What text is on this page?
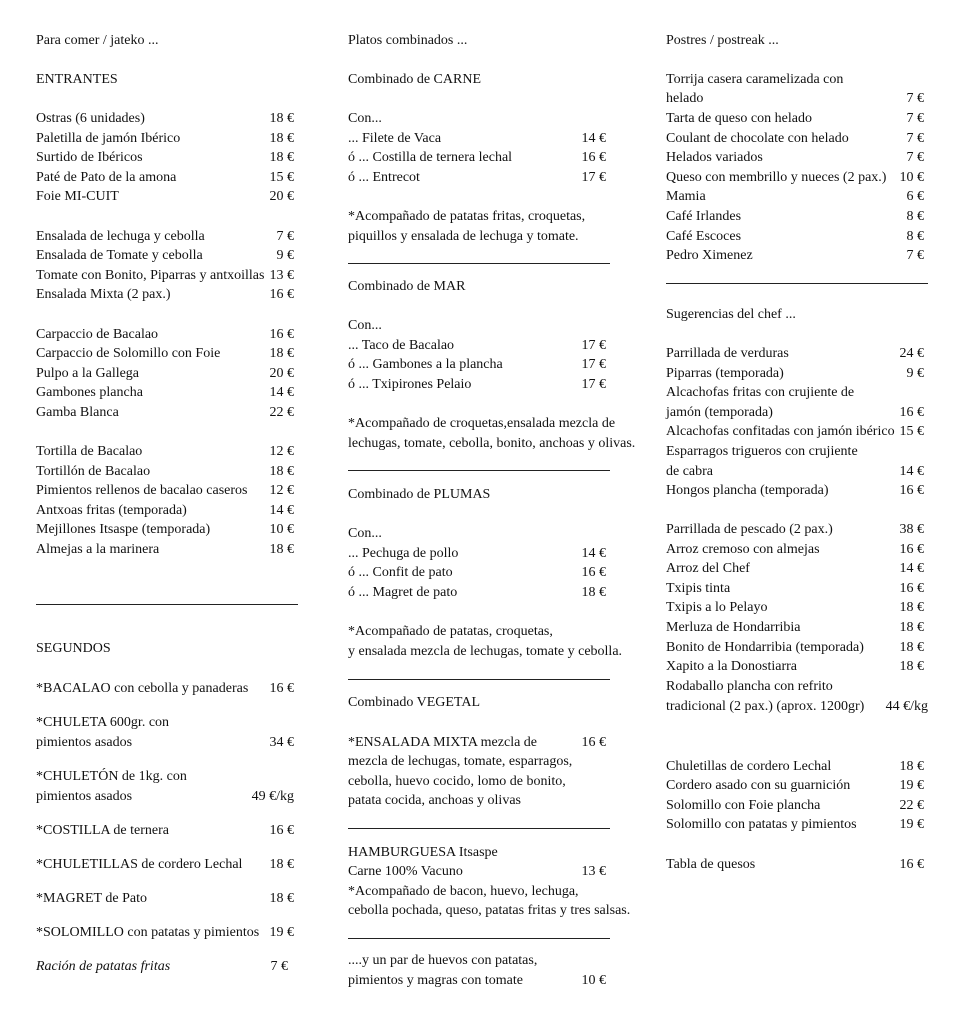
Para comer / jateko ...
ENTRANTES
Ostras (6 unidades)	18 €
Paletilla de jamón Ibérico	18 €
Surtido de Ibéricos	18 €
Paté de Pato de la amona	15 €
Foie MI-CUIT	20 €
Ensalada de lechuga y cebolla	7 €
Ensalada de Tomate y cebolla	9 €
Tomate con Bonito, Piparras y antxoillas 13 €
Ensalada Mixta (2 pax.)	16 €
Carpaccio de Bacalao	16 €
Carpaccio de Solomillo con Foie	18 €
Pulpo a la Gallega	20 €
Gambones plancha	14 €
Gamba Blanca	22 €
Tortilla de Bacalao	12 €
Tortillón de Bacalao	18 €
Pimientos rellenos de bacalao caseros 12 €
Antxoas fritas (temporada)	14 €
Mejillones Itsaspe (temporada)	10 €
Almejas a la marinera	18 €
SEGUNDOS
*BACALAO con cebolla y panaderas 16 €
*CHULETA 600gr. con
pimientos asados	34 €
*CHULETÓN de 1kg. con
pimientos asados	49 €/kg
*COSTILLA de ternera	16 €
*CHULETILLAS de cordero Lechal 18 €
*MAGRET de Pato	18 €
*SOLOMILLO con patatas y pimientos 19 €
Ración de patatas fritas	7 €
Platos combinados ...
Combinado de CARNE
Con...
... Filete de Vaca	14 €
ó ... Costilla de ternera lechal	16 €
ó ... Entrecot	17 €
*Acompañado de patatas fritas, croquetas,
piquillos y ensalada de lechuga y tomate.
Combinado de MAR
Con...
... Taco de Bacalao	17 €
ó ... Gambones a la plancha	17 €
ó ... Txipirones Pelaio	17 €
*Acompañado de croquetas,ensalada mezcla de
lechugas, tomate, cebolla, bonito, anchoas y olivas.
Combinado de PLUMAS
Con...
... Pechuga de pollo	14 €
ó ... Confit de pato	16 €
ó ... Magret de pato	18 €
*Acompañado de patatas, croquetas,
y ensalada mezcla de lechugas, tomate y cebolla.
Combinado VEGETAL
*ENSALADA MIXTA mezcla de	16 €
mezcla de lechugas, tomate, esparragos,
cebolla, huevo cocido, lomo de bonito,
patata cocida, anchoas y olivas
HAMBURGUESA Itsaspe
Carne 100% Vacuno	13 €
*Acompañado de bacon, huevo, lechuga,
cebolla pochada, queso, patatas fritas y tres salsas.
....y un par de huevos con patatas,
pimientos y magras con tomate	10 €
Postres / postreak ...
Torrija casera caramelizada con
helado	7 €
Tarta de queso con helado	7 €
Coulant de chocolate con helado	7 €
Helados variados	7 €
Queso con membrillo y nueces (2 pax.) 10 €
Mamia	6 €
Café Irlandes	8 €
Café Escoces	8 €
Pedro Ximenez	7 €
Sugerencias del chef ...
Parrillada de verduras	24 €
Piparras (temporada)	9 €
Alcachofas fritas con crujiente de
jamón (temporada)	16 €
Alcachofas confitadas con jamón ibérico 15 €
Esparragos trigueros con crujiente
de cabra	14 €
Hongos plancha (temporada)	16 €
Parrillada de pescado (2 pax.)	38 €
Arroz cremoso con almejas	16 €
Arroz del Chef	14 €
Txipis tinta	16 €
Txipis a lo Pelayo	18 €
Merluza de Hondarribia	18 €
Bonito de Hondarribia (temporada)	18 €
Xapito a la Donostiarra	18 €
Rodaballo plancha con refrito
tradicional (2 pax.) (aprox. 1200gr) 44 €/kg
Chuletillas de cordero Lechal	18 €
Cordero asado con su guarnición	19 €
Solomillo con Foie plancha	22 €
Solomillo con patatas y pimientos	19 €
Tabla de quesos	16 €
